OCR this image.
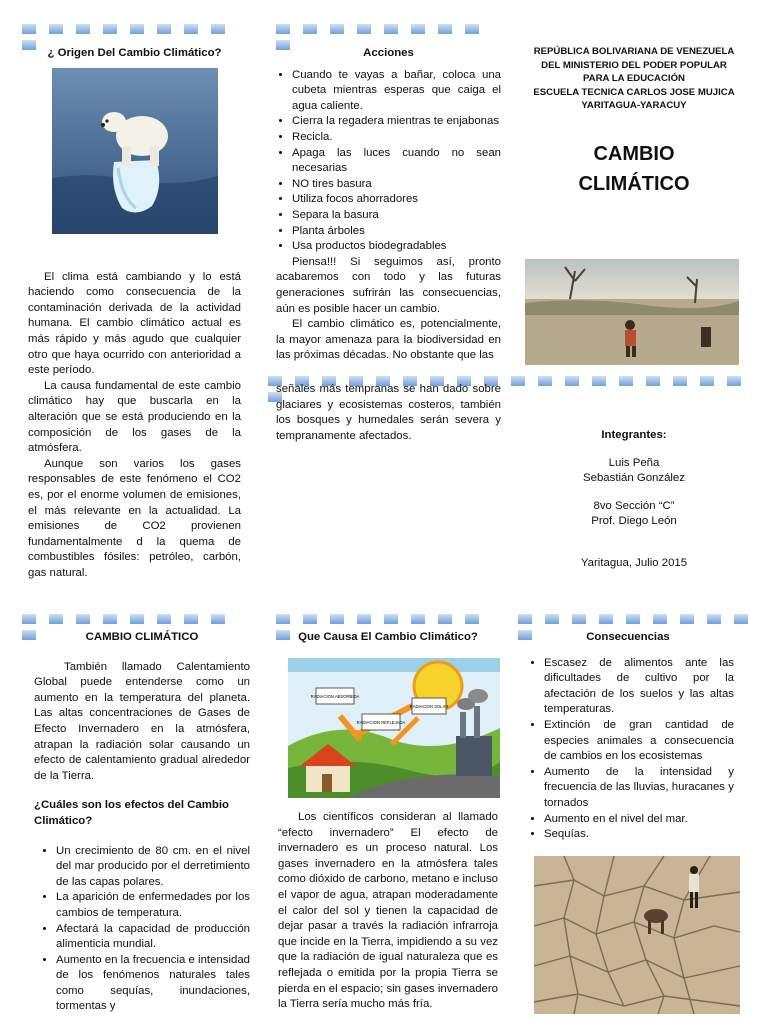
¿ Origen Del Cambio Climático?

El clima está cambiando y lo está haciendo como consecuencia de la contaminación derivada de la actividad humana. El cambio climático actual es más rápido y más agudo que cualquier otro que haya ocurrido con anterioridad a este período.

La causa fundamental de este cambio climático hay que buscarla en la alteración que se está produciendo en la composición de los gases de la atmósfera.

Aunque son varios los gases responsables de este fenómeno el CO2 es, por el enorme volumen de emisiones, el más relevante en la actualidad. La emisiones de CO2 provienen fundamentalmente d la quema de combustibles fósiles: petróleo, carbón, gas natural.

Acciones
• Cuando te vayas a bañar, coloca una cubeta mientras esperas que caiga el agua caliente.
• Cierra la regadera mientras te enjabonas
• Recicla.
• Apaga las luces cuando no sean necesarias
• NO tires basura
• Utiliza focos ahorradores
• Separa la basura
• Planta árboles
• Usa productos biodegradables

Piensa!!! Si seguimos así, pronto acabaremos con todo y las futuras generaciones sufrirán las consecuencias, aún es posible hacer un cambio.

El cambio climático es, potencialmente, la mayor amenaza para la biodiversidad en las próximas décadas. No obstante que las

señales más tempranas se han dado sobre glaciares y ecosistemas costeros, también los bosques y humedales serán severa y tempranamente afectados.
REPÚBLICA BOLIVARIANA DE VENEZUELA
DEL MINISTERIO DEL PODER POPULAR
PARA LA EDUCACIÓN
ESCUELA TECNICA CARLOS JOSE MUJICA
YARITAGUA-YARACUY
CAMBIO
CLIMÁTICO
Integrantes:
Luis Peña
Sebastián González
8vo Sección “C”
Prof. Diego León
Yaritagua, Julio 2015
CAMBIO CLIMÁTICO

También llamado Calentamiento Global puede entenderse como un aumento en la temperatura del planeta. Las altas concentraciones de Gases de Efecto Invernadero en la atmósfera, atrapan la radiación solar causando un efecto de calentamiento gradual alrededor de la Tierra.

¿Cuáles son los efectos del Cambio Climático?
• Un crecimiento de 80 cm. en el nivel del mar producido por el derretimiento de las capas polares.
• La aparición de enfermedades por los cambios de temperatura.
• Afectará la capacidad de producción alimenticia mundial.
• Aumento en la frecuencia e intensidad de los fenómenos naturales tales como sequías, inundaciones, tormentas y
Que Causa El Cambio Climático?
RADIACION ABSORBIDA
RADIACION REFLEJADA
RADIACION SOLAR
Los científicos consideran al llamado “efecto invernadero” El efecto de invernadero es un proceso natural. Los gases invernadero en la atmósfera tales como dióxido de carbono, metano e incluso el vapor de agua, atrapan moderadamente el calor del sol y tienen la capacidad de dejar pasar a través la radiación infrarroja que incide en la Tierra, impidiendo a su vez que la radiación de igual naturaleza que es reflejada o emitida por la propia Tierra se pierda en el espacio; sin gases invernadero la Tierra sería mucho más fría.
Consecuencias
• Escasez de alimentos ante las dificultades de cultivo por la afectación de los suelos y las altas temperaturas.
• Extinción de gran cantidad de especies animales a consecuencia de cambios en los ecosistemas
• Aumento de la intensidad y frecuencia de las lluvias, huracanes y tornados
• Aumento en el nivel del mar.
• Sequías.
